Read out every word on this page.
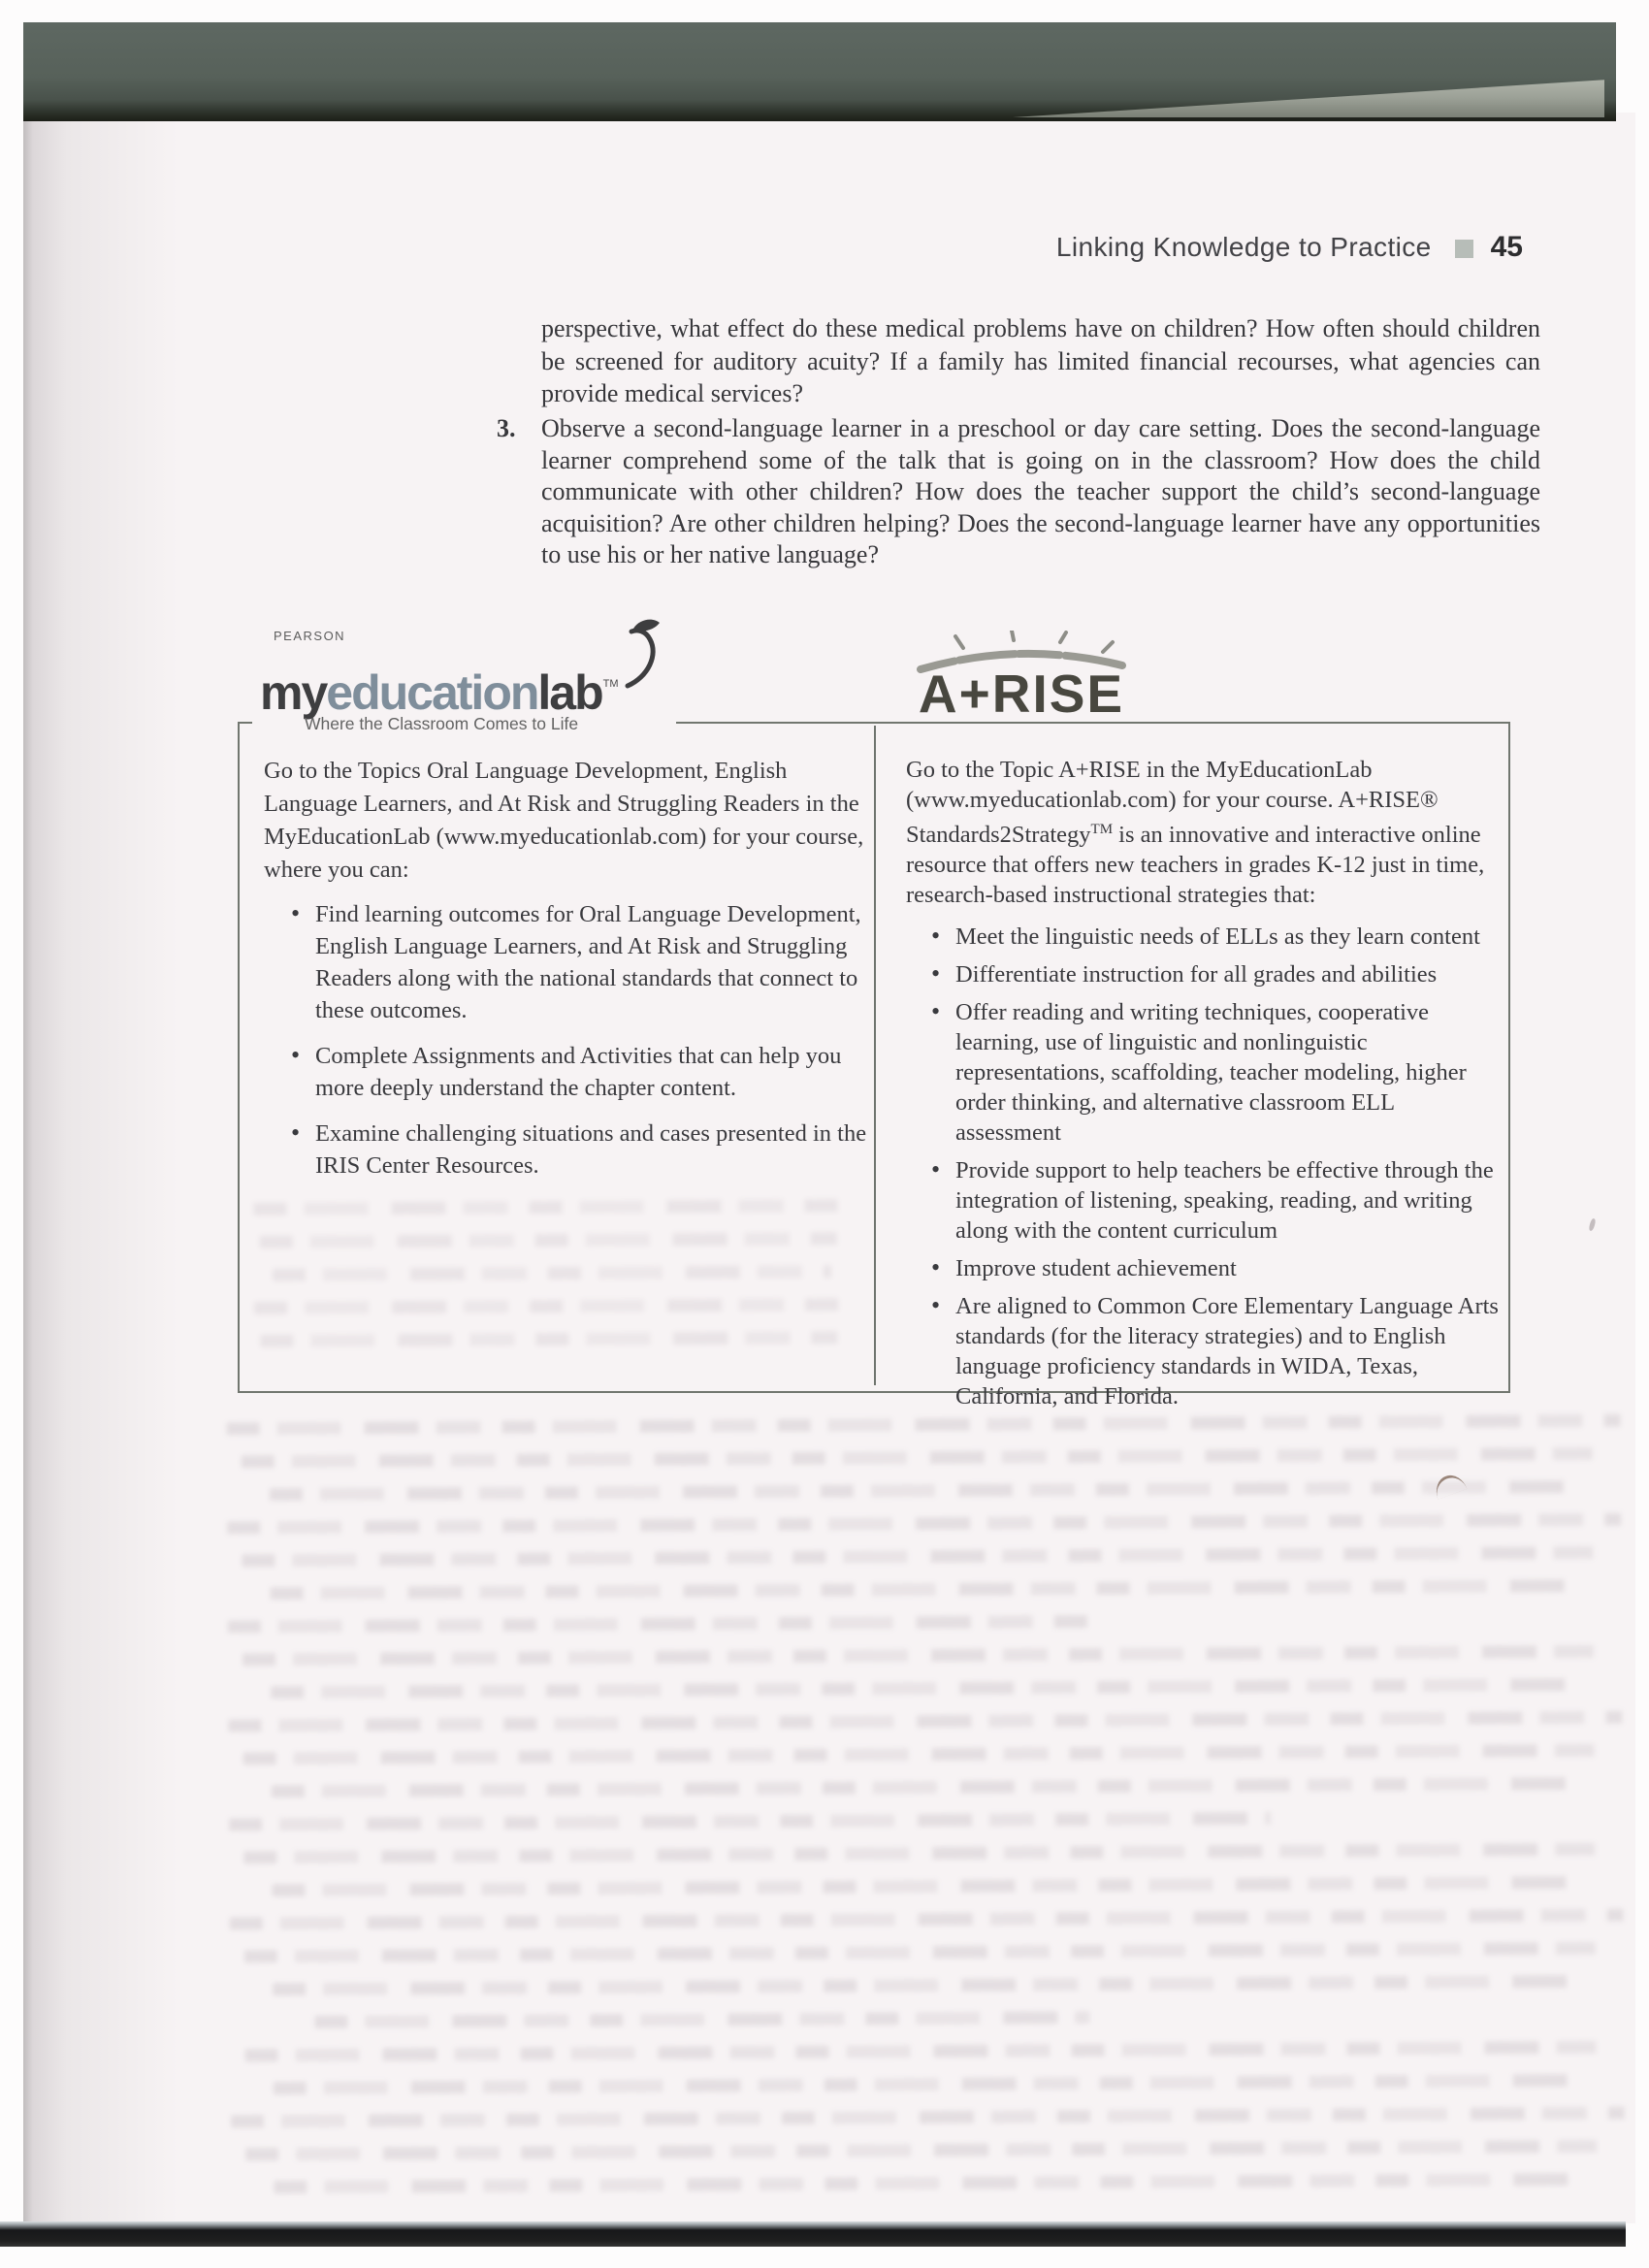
Linking Knowledge to Practice 45
perspective, what effect do these medical problems have on children? How often should children be screened for auditory acuity? If a family has limited financial recourses, what agencies can provide medical services?
3.	Observe a second-language learner in a preschool or day care setting. Does the second-language learner comprehend some of the talk that is going on in the classroom? How does the child communicate with other children? How does the teacher support the child’s second-language acquisition? Are other children helping? Does the second-language learner have any opportunities to use his or her native language?
PEARSON
myeducationlab TM
Where the Classroom Comes to Life	A+RISE
Go to the Topics Oral Language Development, English Language Learners, and At Risk and Struggling Readers in the MyEducationLab (www.myeducationlab.com) for your course, where you can:
• Find learning outcomes for Oral Language Development, English Language Learners, and At Risk and Struggling Readers along with the national standards that connect to these outcomes.
• Complete Assignments and Activities that can help you more deeply understand the chapter content.
• Examine challenging situations and cases presented in the IRIS Center Resources.
Go to the Topic A+RISE in the MyEducationLab (www.myeducationlab.com) for your course. A+RISE® Standards2Strategy™ is an innovative and interactive online resource that offers new teachers in grades K-12 just in time, research-based instructional strategies that:
• Meet the linguistic needs of ELLs as they learn content
• Differentiate instruction for all grades and abilities
• Offer reading and writing techniques, cooperative learning, use of linguistic and nonlinguistic representations, scaffolding, teacher modeling, higher order thinking, and alternative classroom ELL assessment
• Provide support to help teachers be effective through the integration of listening, speaking, reading, and writing along with the content curriculum
• Improve student achievement
• Are aligned to Common Core Elementary Language Arts standards (for the literacy strategies) and to English language proficiency standards in WIDA, Texas, California, and Florida.
